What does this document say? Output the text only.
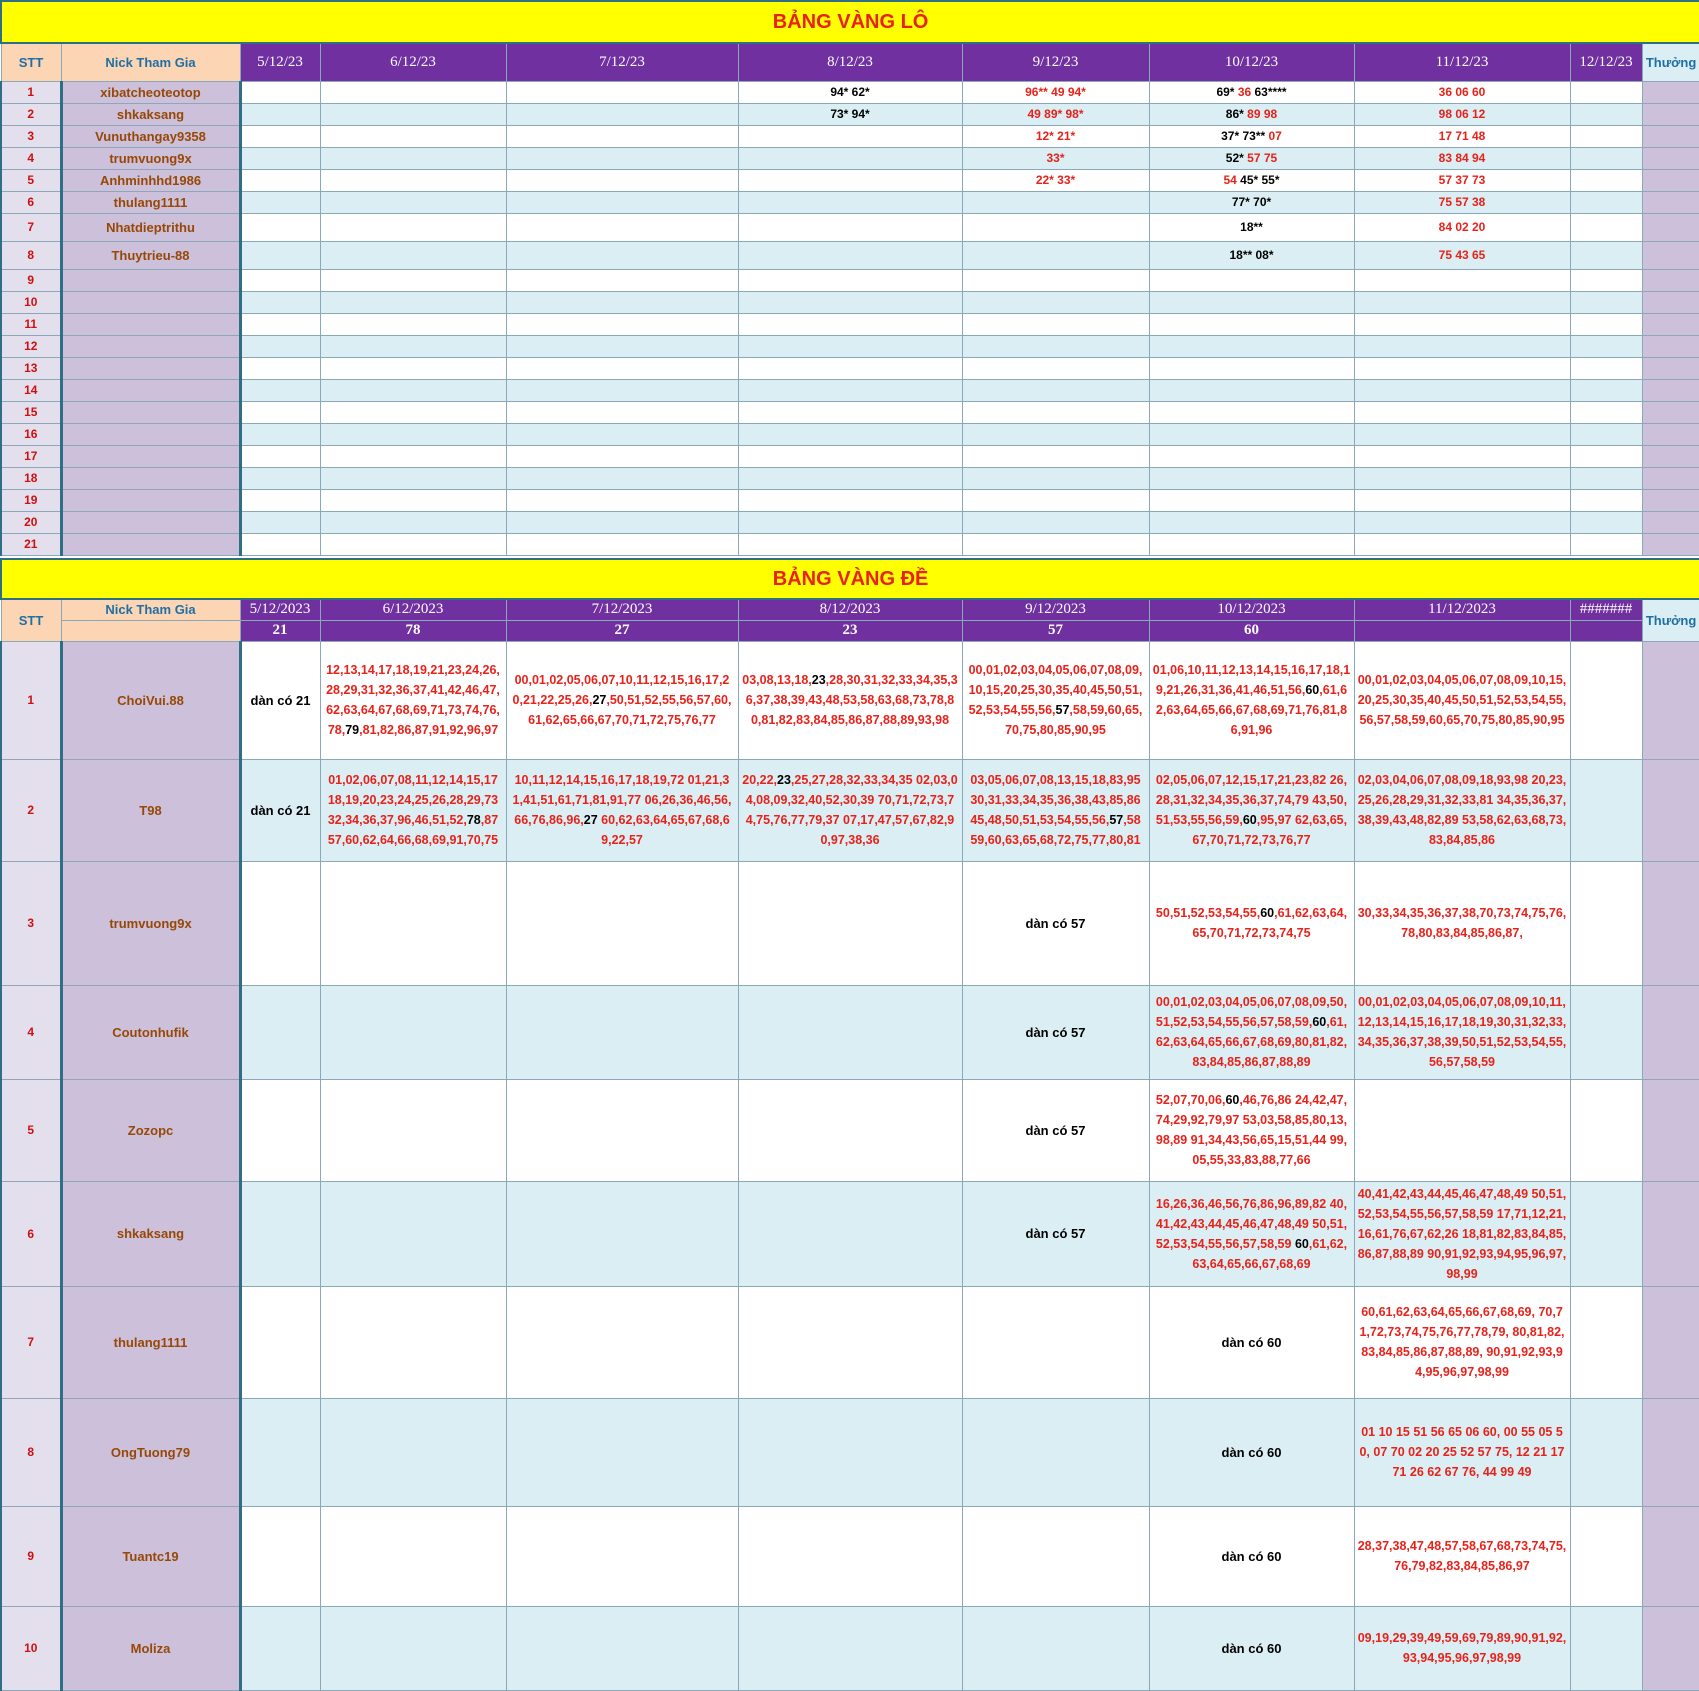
BẢNG VÀNG LÔ										
STT	Nick Tham Gia	5/12/23	6/12/23	7/12/23	8/12/23	9/12/23	10/12/23	11/12/23	12/12/23	Thưởng
1	xibatcheoteotop				94* 62*	96** 49 94*	69* 36 63****	36 06 60		
2	shkaksang				73* 94*	49 89* 98*	86* 89 98	98 06 12		
3	Vunuthangay9358					12* 21*	37* 73** 07	17 71 48		
4	trumvuong9x					33*	52* 57 75	83 84 94		
5	Anhminhhd1986					22* 33*	54 45* 55*	57 37 73		
6	thulang1111						77* 70*	75 57 38		
7	Nhatdieptrithu						18**	84 02 20		
8	Thuytrieu-88						18** 08*	75 43 65		
9										
10										
11										
12										
13										
14										
15										
16										
17										
18										
19										
20										
21										
BẢNG VÀNG ĐỀ										
STT	Nick Tham Gia	5/12/2023	6/12/2023	7/12/2023	8/12/2023	9/12/2023	10/12/2023	11/12/2023	#######	Thưởng
		21	78	27	23	57	60			
1	ChoiVui.88	dàn có 21	12,13,14,17,18,19,21,23,24,26,28,29,31,32,36,37,41,42,46,47,62,63,64,67,68,69,71,73,74,76,78,79,81,82,86,87,91,92,96,97	00,01,02,05,06,07,10,11,12,15,16,17,20,21,22,25,26,27,50,51,52,55,56,57,60,61,62,65,66,67,70,71,72,75,76,77	03,08,13,18,23,28,30,31,32,33,34,35,36,37,38,39,43,48,53,58,63,68,73,78,80,81,82,83,84,85,86,87,88,89,93,98	00,01,02,03,04,05,06,07,08,09,10,15,20,25,30,35,40,45,50,51,52,53,54,55,56,57,58,59,60,65,70,75,80,85,90,95	01,06,10,11,12,13,14,15,16,17,18,19,21,26,31,36,41,46,51,56,60,61,62,63,64,65,66,67,68,69,71,76,81,86,91,96	00,01,02,03,04,05,06,07,08,09,10,15,20,25,30,35,40,45,50,51,52,53,54,55,56,57,58,59,60,65,70,75,80,85,90,95		
2	T98	dàn có 21	01,02,06,07,08,11,12,14,15,17 18,19,20,23,24,25,26,28,29,73 32,34,36,37,96,46,51,52,78,87 57,60,62,64,66,68,69,91,70,75	10,11,12,14,15,16,17,18,19,72 01,21,31,41,51,61,71,81,91,77 06,26,36,46,56,66,76,86,96,27 60,62,63,64,65,67,68,69,22,57	20,22,23,25,27,28,32,33,34,35 02,03,04,08,09,32,40,52,30,39 70,71,72,73,74,75,76,77,79,37 07,17,47,57,67,82,90,97,38,36	03,05,06,07,08,13,15,18,83,95 30,31,33,34,35,36,38,43,85,86 45,48,50,51,53,54,55,56,57,58 59,60,63,65,68,72,75,77,80,81	02,05,06,07,12,15,17,21,23,82 26,28,31,32,34,35,36,37,74,79 43,50,51,53,55,56,59,60,95,97 62,63,65,67,70,71,72,73,76,77	02,03,04,06,07,08,09,18,93,98 20,23,25,26,28,29,31,32,33,81 34,35,36,37,38,39,43,48,82,89 53,58,62,63,68,73,83,84,85,86		
3	trumvuong9x					dàn có 57	50,51,52,53,54,55,60,61,62,63,64,65,70,71,72,73,74,75	30,33,34,35,36,37,38,70,73,74,75,76,78,80,83,84,85,86,87,		
4	Coutonhufik					dàn có 57	00,01,02,03,04,05,06,07,08,09,50,51,52,53,54,55,56,57,58,59,60,61,62,63,64,65,66,67,68,69,80,81,82,83,84,85,86,87,88,89	00,01,02,03,04,05,06,07,08,09,10,11,12,13,14,15,16,17,18,19,30,31,32,33,34,35,36,37,38,39,50,51,52,53,54,55,56,57,58,59		
5	Zozopc					dàn có 57	52,07,70,06,60,46,76,86 24,42,47,74,29,92,79,97 53,03,58,85,80,13,98,89 91,34,43,56,65,15,51,44 99,05,55,33,83,88,77,66			
6	shkaksang					dàn có 57	16,26,36,46,56,76,86,96,89,82 40,41,42,43,44,45,46,47,48,49 50,51,52,53,54,55,56,57,58,59 60,61,62,63,64,65,66,67,68,69	40,41,42,43,44,45,46,47,48,49 50,51,52,53,54,55,56,57,58,59 17,71,12,21,16,61,76,67,62,26 18,81,82,83,84,85,86,87,88,89 90,91,92,93,94,95,96,97,98,99		
7	thulang1111						dàn có 60	60,61,62,63,64,65,66,67,68,69, 70,71,72,73,74,75,76,77,78,79, 80,81,82,83,84,85,86,87,88,89, 90,91,92,93,94,95,96,97,98,99		
8	OngTuong79						dàn có 60	01 10 15 51 56 65 06 60, 00 55 05 50, 07 70 02 20 25 52 57 75, 12 21 17 71 26 62 67 76, 44 99 49		
9	Tuantc19						dàn có 60	28,37,38,47,48,57,58,67,68,73,74,75,76,79,82,83,84,85,86,97		
10	Moliza						dàn có 60	09,19,29,39,49,59,69,79,89,90,91,92,93,94,95,96,97,98,99		
